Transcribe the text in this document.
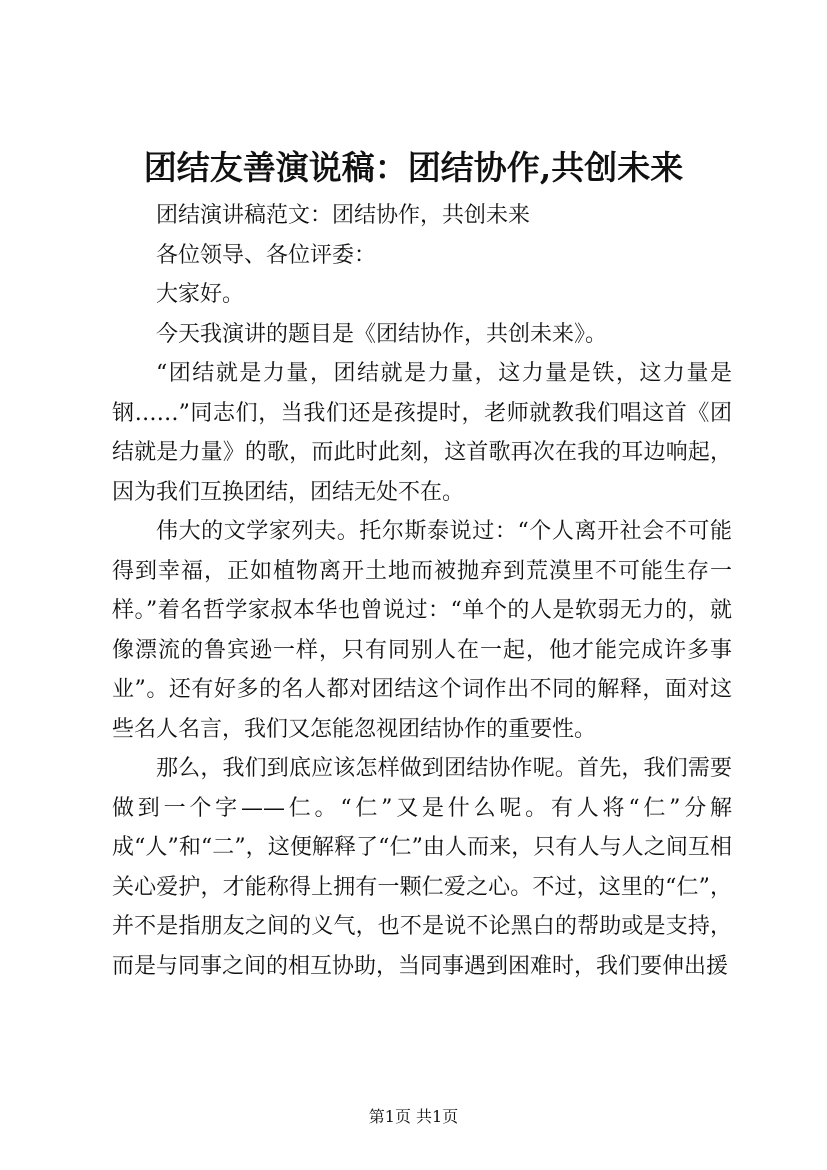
团结友善演说稿：团结协作,共创未来

团结演讲稿范文：团结协作，共创未来

各位领导、各位评委：

大家好。

今天我演讲的题目是《团结协作，共创未来》。

“团结就是力量，团结就是力量，这力量是铁，这力量是钢……”同志们，当我们还是孩提时，老师就教我们唱这首《团结就是力量》的歌，而此时此刻，这首歌再次在我的耳边响起，因为我们互换团结，团结无处不在。

伟大的文学家列夫。托尔斯泰说过：“个人离开社会不可能得到幸福，正如植物离开土地而被抛弃到荒漠里不可能生存一样。”着名哲学家叔本华也曾说过：“单个的人是软弱无力的，就像漂流的鲁宾逊一样，只有同别人在一起，他才能完成许多事业”。还有好多的名人都对团结这个词作出不同的解释，面对这些名人名言，我们又怎能忽视团结协作的重要性。

那么，我们到底应该怎样做到团结协作呢。首先，我们需要做到一个字——仁。“仁”又是什么呢。有人将“仁”分解成“人”和“二”，这便解释了“仁”由人而来，只有人与人之间互相关心爱护，才能称得上拥有一颗仁爱之心。不过，这里的“仁”，并不是指朋友之间的义气，也不是说不论黑白的帮助或是支持，而是与同事之间的相互协助，当同事遇到困难时，我们要伸出援

第1页 共1页
